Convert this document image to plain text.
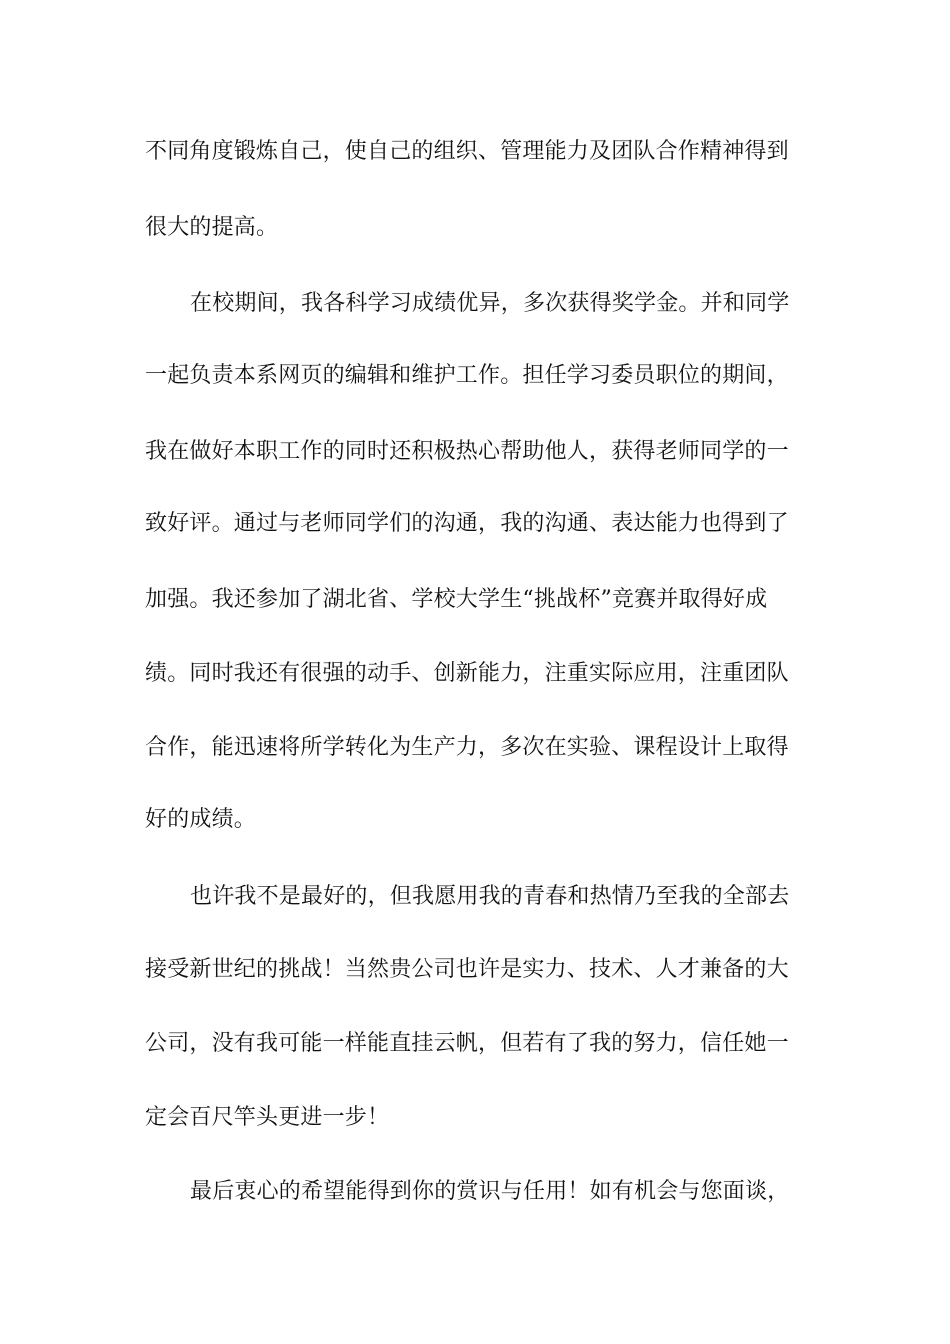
不同角度锻炼自己，使自己的组织、管理能力及团队合作精神得到
很大的提高。
在校期间，我各科学习成绩优异，多次获得奖学金。并和同学
一起负责本系网页的编辑和维护工作。担任学习委员职位的期间，
我在做好本职工作的同时还积极热心帮助他人，获得老师同学的一
致好评。通过与老师同学们的沟通，我的沟通、表达能力也得到了
加强。我还参加了湖北省、学校大学生“挑战杯”竞赛并取得好成
绩。同时我还有很强的动手、创新能力，注重实际应用，注重团队
合作，能迅速将所学转化为生产力，多次在实验、课程设计上取得
好的成绩。
也许我不是最好的，但我愿用我的青春和热情乃至我的全部去
接受新世纪的挑战！当然贵公司也许是实力、技术、人才兼备的大
公司，没有我可能一样能直挂云帆，但若有了我的努力，信任她一
定会百尺竿头更进一步！
最后衷心的希望能得到你的赏识与任用！如有机会与您面谈，
